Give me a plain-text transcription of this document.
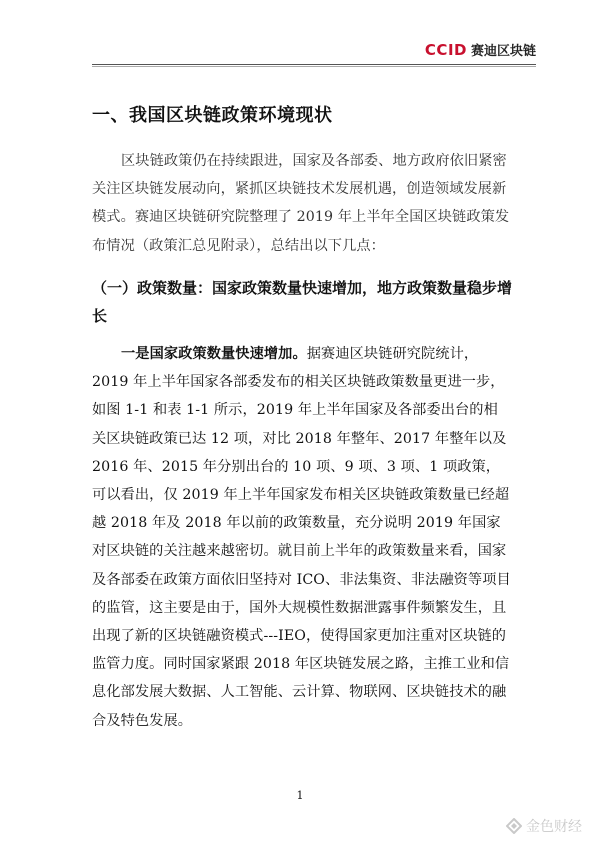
CCID 赛迪区块链
一、我国区块链政策环境现状
区块链政策仍在持续跟进，国家及各部委、地方政府依旧紧密关注区块链发展动向，紧抓区块链技术发展机遇，创造领域发展新模式。赛迪区块链研究院整理了 2019 年上半年全国区块链政策发布情况（政策汇总见附录），总结出以下几点：
（一）政策数量：国家政策数量快速增加，地方政策数量稳步增长
一是国家政策数量快速增加。据赛迪区块链研究院统计，2019 年上半年国家各部委发布的相关区块链政策数量更进一步，如图 1-1 和表 1-1 所示，2019 年上半年国家及各部委出台的相关区块链政策已达 12 项，对比 2018 年整年、2017 年整年以及 2016 年、2015 年分别出台的 10 项、9 项、3 项、1 项政策，可以看出，仅 2019 年上半年国家发布相关区块链政策数量已经超越 2018 年及 2018 年以前的政策数量，充分说明 2019 年国家对区块链的关注越来越密切。就目前上半年的政策数量来看，国家及各部委在政策方面依旧坚持对 ICO、非法集资、非法融资等项目的监管，这主要是由于，国外大规模性数据泄露事件频繁发生，且出现了新的区块链融资模式---IEO，使得国家更加注重对区块链的监管力度。同时国家紧跟 2018 年区块链发展之路，主推工业和信息化部发展大数据、人工智能、云计算、物联网、区块链技术的融合及特色发展。
1
金色财经
